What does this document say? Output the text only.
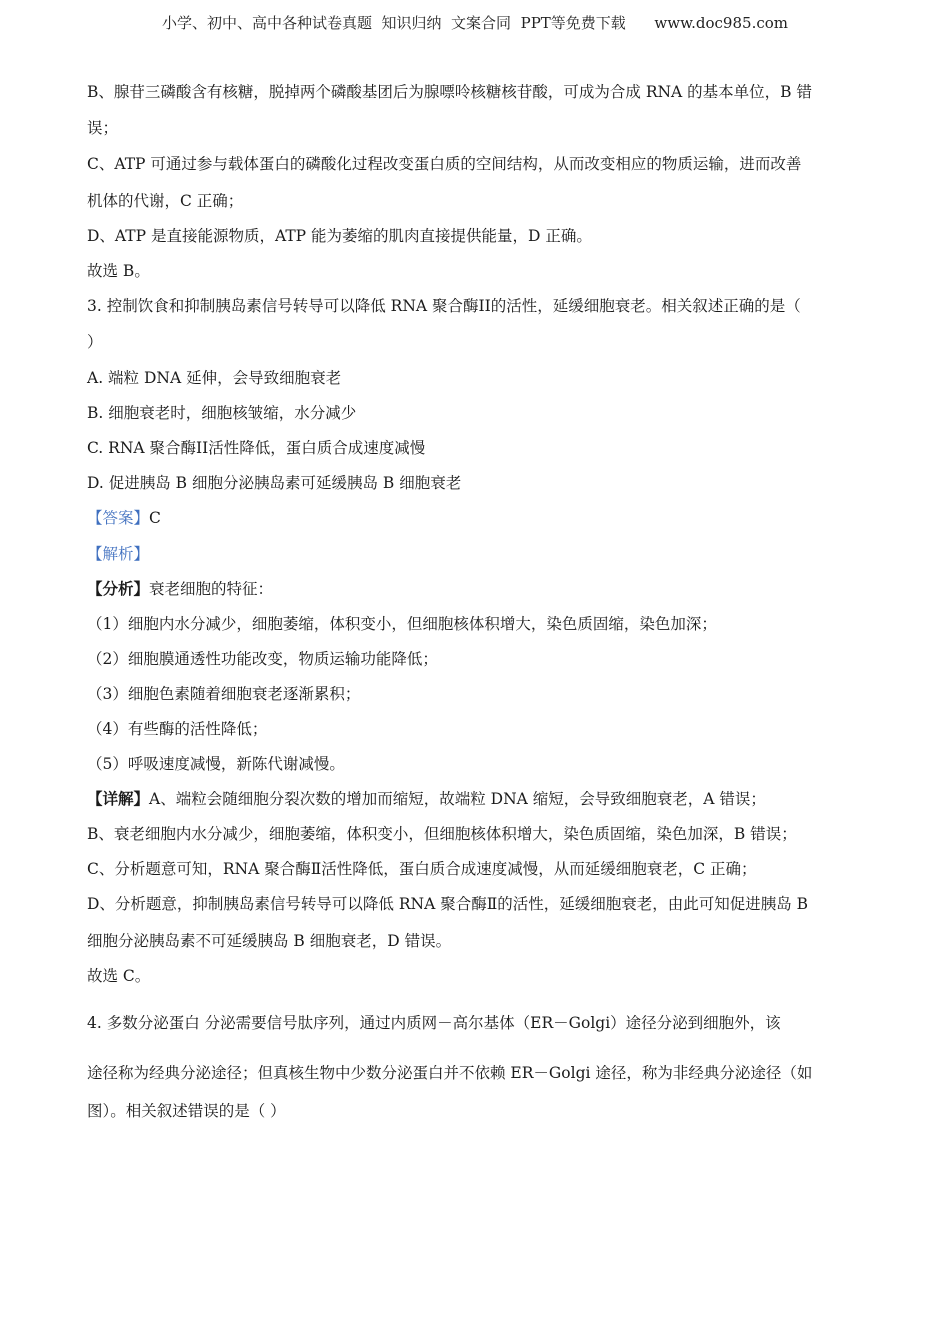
小学、初中、高中各种试卷真题  知识归纳  文案合同  PPT等免费下载      www.doc985.com
B、腺苷三磷酸含有核糖，脱掉两个磷酸基团后为腺嘌呤核糖核苷酸，可成为合成 RNA 的基本单位，B 错
误；
C、ATP 可通过参与载体蛋白的磷酸化过程改变蛋白质的空间结构，从而改变相应的物质运输，进而改善
机体的代谢，C 正确；
D、ATP 是直接能源物质，ATP 能为萎缩的肌肉直接提供能量，D 正确。
故选 B。
3. 控制饮食和抑制胰岛素信号转导可以降低 RNA 聚合酶II的活性，延缓细胞衰老。相关叙述正确的是（
）
A. 端粒 DNA 延伸，会导致细胞衰老
B. 细胞衰老时，细胞核皱缩，水分减少
C. RNA 聚合酶II活性降低，蛋白质合成速度减慢
D. 促进胰岛 B 细胞分泌胰岛素可延缓胰岛 B 细胞衰老
【答案】C
【解析】
【分析】衰老细胞的特征：
（1）细胞内水分减少，细胞萎缩，体积变小，但细胞核体积增大，染色质固缩，染色加深；
（2）细胞膜通透性功能改变，物质运输功能降低；
（3）细胞色素随着细胞衰老逐渐累积；
（4）有些酶的活性降低；
（5）呼吸速度减慢，新陈代谢减慢。
【详解】A、端粒会随细胞分裂次数的增加而缩短，故端粒 DNA 缩短，会导致细胞衰老，A 错误；
B、衰老细胞内水分减少，细胞萎缩，体积变小，但细胞核体积增大，染色质固缩，染色加深，B 错误；
C、分析题意可知，RNA 聚合酶Ⅱ活性降低，蛋白质合成速度减慢，从而延缓细胞衰老，C 正确；
D、分析题意，抑制胰岛素信号转导可以降低 RNA 聚合酶Ⅱ的活性，延缓细胞衰老，由此可知促进胰岛 B
细胞分泌胰岛素不可延缓胰岛 B 细胞衰老，D 错误。
故选 C。
4. 多数分泌蛋白 分泌需要信号肽序列，通过内质网－高尔基体（ER－Golgi）途径分泌到细胞外，该
途径称为经典分泌途径；但真核生物中少数分泌蛋白并不依赖 ER－Golgi 途径，称为非经典分泌途径（如
图）。相关叙述错误的是（ ）
